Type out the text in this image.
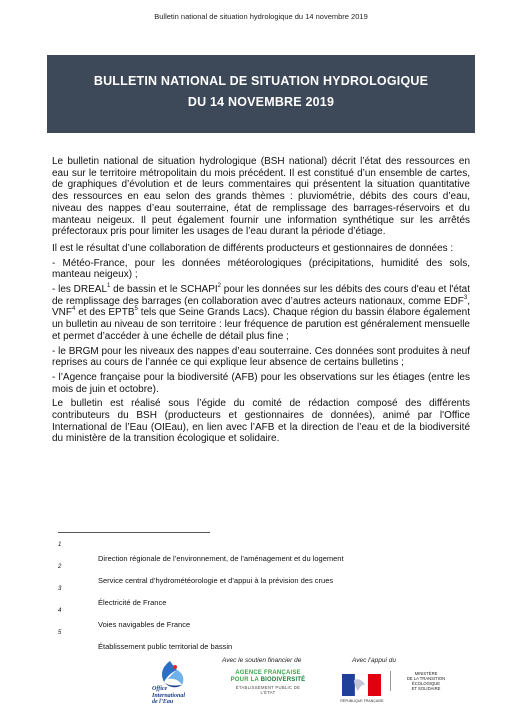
Bulletin national de situation hydrologique du 14 novembre 2019
BULLETIN NATIONAL DE SITUATION HYDROLOGIQUE
DU 14 NOVEMBRE 2019

Le bulletin national de situation hydrologique (BSH national) décrit l’état des ressources en eau sur le territoire métropolitain du mois précédent. Il est constitué d’un ensemble de cartes, de graphiques d’évolution et de leurs commentaires qui présentent la situation quantitative des ressources en eau selon des grands thèmes : pluviométrie, débits des cours d’eau, niveau des nappes d’eau souterraine, état de remplissage des barrages-réservoirs et du manteau neigeux. Il peut également fournir une information synthétique sur les arrêtés préfectoraux pris pour limiter les usages de l’eau durant la période d’étiage.

Il est le résultat d’une collaboration de différents producteurs et gestionnaires de données :

- Météo-France, pour les données météorologiques (précipitations, humidité des sols, manteau neigeux) ;

- les DREAL$^1$ de bassin et le SCHAPI$^2$ pour les données sur les débits des cours d'eau et l'état de remplissage des barrages (en collaboration avec d’autres acteurs nationaux, comme EDF$^3$, VNF$^4$ et des EPTB$^5$ tels que Seine Grands Lacs). Chaque région du bassin élabore également un bulletin au niveau de son territoire : leur fréquence de parution est généralement mensuelle et permet d’accéder à une échelle de détail plus fine ;

- le BRGM pour les niveaux des nappes d’eau souterraine. Ces données sont produites à neuf reprises au cours de l’année ce qui explique leur absence de certains bulletins ;

- l’Agence française pour la biodiversité (AFB) pour les observations sur les étiages (entre les mois de juin et octobre).

Le bulletin est réalisé sous l’égide du comité de rédaction composé des différents contributeurs du BSH (producteurs et gestionnaires de données), animé par l'Office International de l’Eau (OIEau), en lien avec l’AFB et la direction de l’eau et de la biodiversité du ministère de la transition écologique et solidaire.

1
Direction régionale de l’environnement, de l’aménagement et du logement
2
Service central d’hydrométéorologie et d’appui à la prévision des crues
3
Électricité de France
4
Voies navigables de France
5
Établissement public territorial de bassin
Office
International
de l’Eau
Avec le soutien financier de
AGENCE FRANÇAISE
POUR LA BIODIVERSITÉ
ÉTABLISSEMENT PUBLIC DE L’ÉTAT
Avec l’appui du
RÉPUBLIQUE FRANÇAISE
MINISTÈRE
DE LA TRANSITION
ÉCOLOGIQUE
ET SOLIDAIRE
